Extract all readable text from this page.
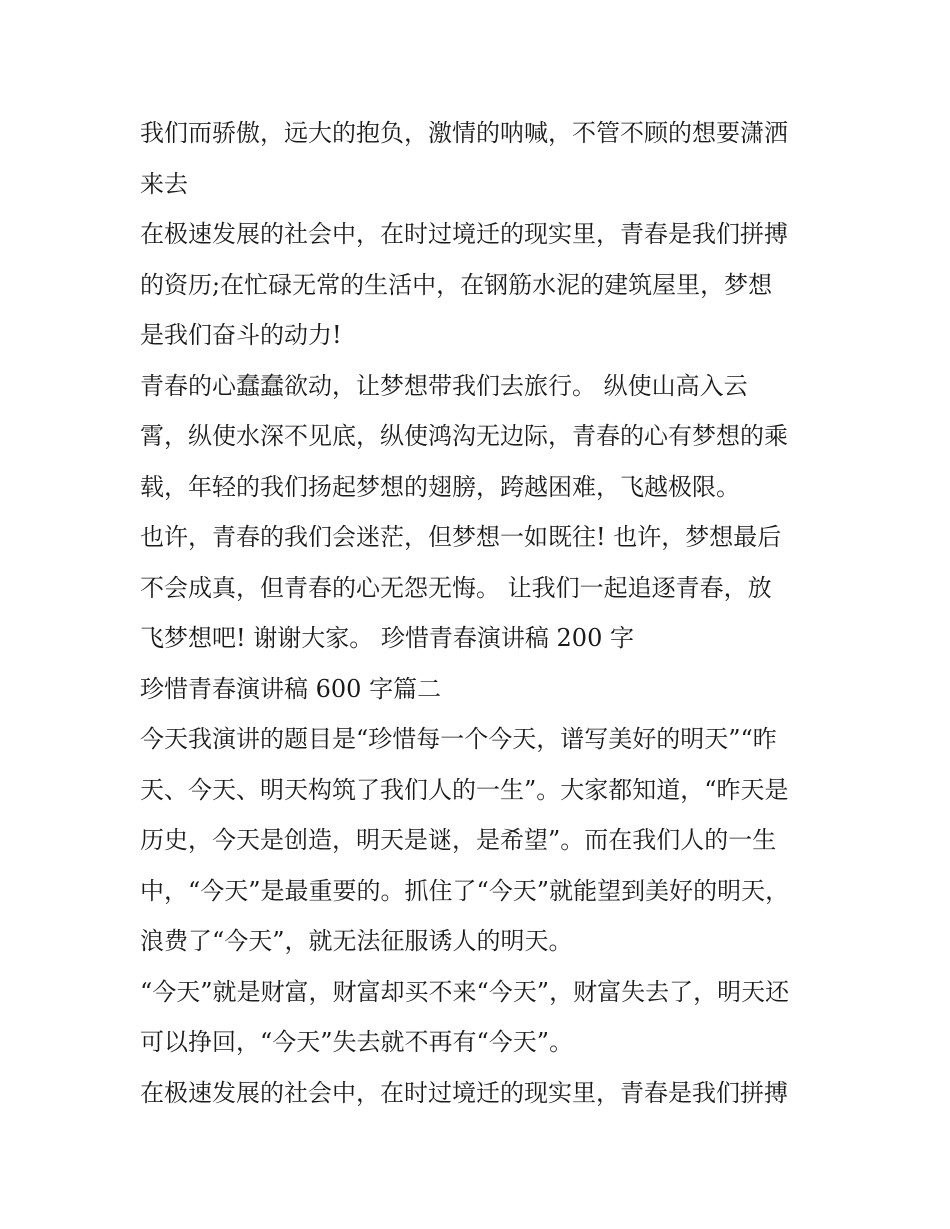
我们而骄傲，远大的抱负，激情的呐喊，不管不顾的想要潇洒
来去
在极速发展的社会中，在时过境迁的现实里，青春是我们拼搏
的资历;在忙碌无常的生活中，在钢筋水泥的建筑屋里，梦想
是我们奋斗的动力!
青春的心蠢蠢欲动，让梦想带我们去旅行。 纵使山高入云
霄，纵使水深不见底，纵使鸿沟无边际，青春的心有梦想的乘
载，年轻的我们扬起梦想的翅膀，跨越困难，飞越极限。
也许，青春的我们会迷茫，但梦想一如既往! 也许，梦想最后
不会成真，但青春的心无怨无悔。 让我们一起追逐青春，放
飞梦想吧! 谢谢大家。 珍惜青春演讲稿 200 字
珍惜青春演讲稿 600 字篇二
今天我演讲的题目是“珍惜每一个今天，谱写美好的明天”“昨
天、今天、明天构筑了我们人的一生”。大家都知道，“昨天是
历史，今天是创造，明天是谜，是希望”。而在我们人的一生
中，“今天”是最重要的。抓住了“今天”就能望到美好的明天，
浪费了“今天”，就无法征服诱人的明天。
“今天”就是财富，财富却买不来“今天”，财富失去了，明天还
可以挣回，“今天”失去就不再有“今天”。
在极速发展的社会中，在时过境迁的现实里，青春是我们拼搏
